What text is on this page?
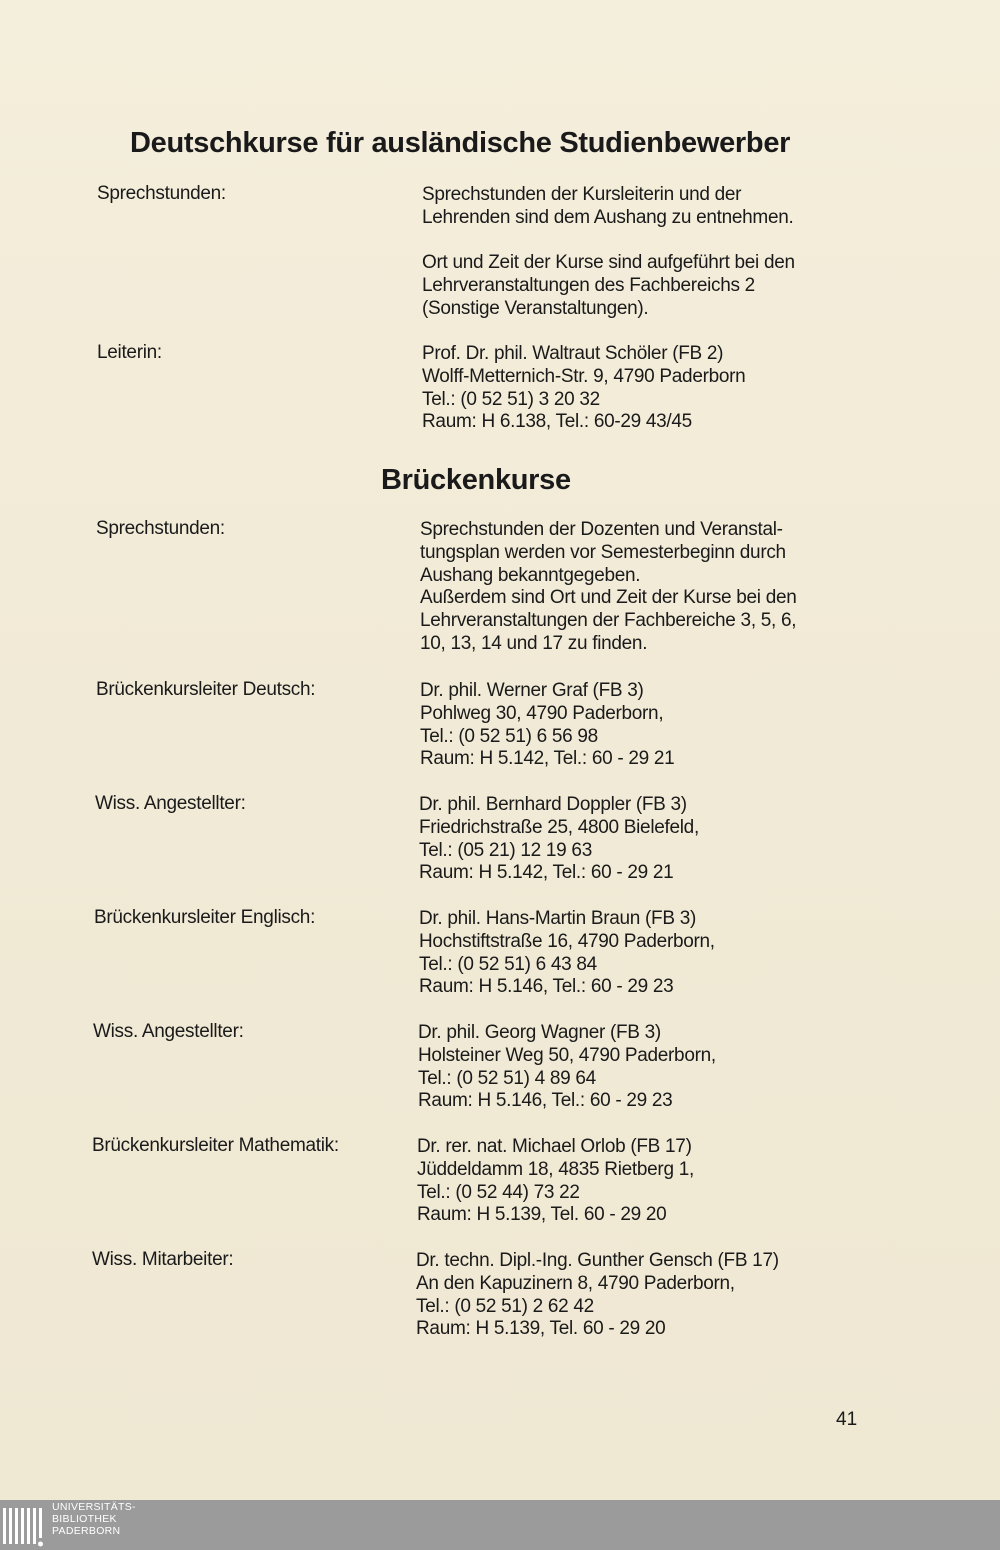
Deutschkurse für ausländische Studienbewerber
Sprechstunden:	Sprechstunden der Kursleiterin und der
Lehrenden sind dem Aushang zu entnehmen.
Ort und Zeit der Kurse sind aufgeführt bei den
Lehrveranstaltungen des Fachbereichs 2
(Sonstige Veranstaltungen).
Leiterin:	Prof. Dr. phil. Waltraut Schöler (FB 2)
Wolff-Metternich-Str. 9, 4790 Paderborn
Tel.: (0 52 51) 3 20 32
Raum: H 6.138, Tel.: 60-29 43/45
Brückenkurse
Sprechstunden:	Sprechstunden der Dozenten und Veranstal-
tungsplan werden vor Semesterbeginn durch
Aushang bekanntgegeben.
Außerdem sind Ort und Zeit der Kurse bei den
Lehrveranstaltungen der Fachbereiche 3, 5, 6,
10, 13, 14 und 17 zu finden.
Brückenkursleiter Deutsch:	Dr. phil. Werner Graf (FB 3)
Pohlweg 30, 4790 Paderborn,
Tel.: (0 52 51) 6 56 98
Raum: H 5.142, Tel.: 60 - 29 21
Wiss. Angestellter:	Dr. phil. Bernhard Doppler (FB 3)
Friedrichstraße 25, 4800 Bielefeld,
Tel.: (05 21) 12 19 63
Raum: H 5.142, Tel.: 60 - 29 21
Brückenkursleiter Englisch:	Dr. phil. Hans-Martin Braun (FB 3)
Hochstiftstraße 16, 4790 Paderborn,
Tel.: (0 52 51) 6 43 84
Raum: H 5.146, Tel.: 60 - 29 23
Wiss. Angestellter:	Dr. phil. Georg Wagner (FB 3)
Holsteiner Weg 50, 4790 Paderborn,
Tel.: (0 52 51) 4 89 64
Raum: H 5.146, Tel.: 60 - 29 23
Brückenkursleiter Mathematik:	Dr. rer. nat. Michael Orlob (FB 17)
Jüddeldamm 18, 4835 Rietberg 1,
Tel.: (0 52 44) 73 22
Raum: H 5.139, Tel. 60 - 29 20
Wiss. Mitarbeiter:	Dr. techn. Dipl.-Ing. Gunther Gensch (FB 17)
An den Kapuzinern 8, 4790 Paderborn,
Tel.: (0 52 51) 2 62 42
Raum: H 5.139, Tel. 60 - 29 20
41
UNIVERSITÄTS-
BIBLIOTHEK
PADERBORN
